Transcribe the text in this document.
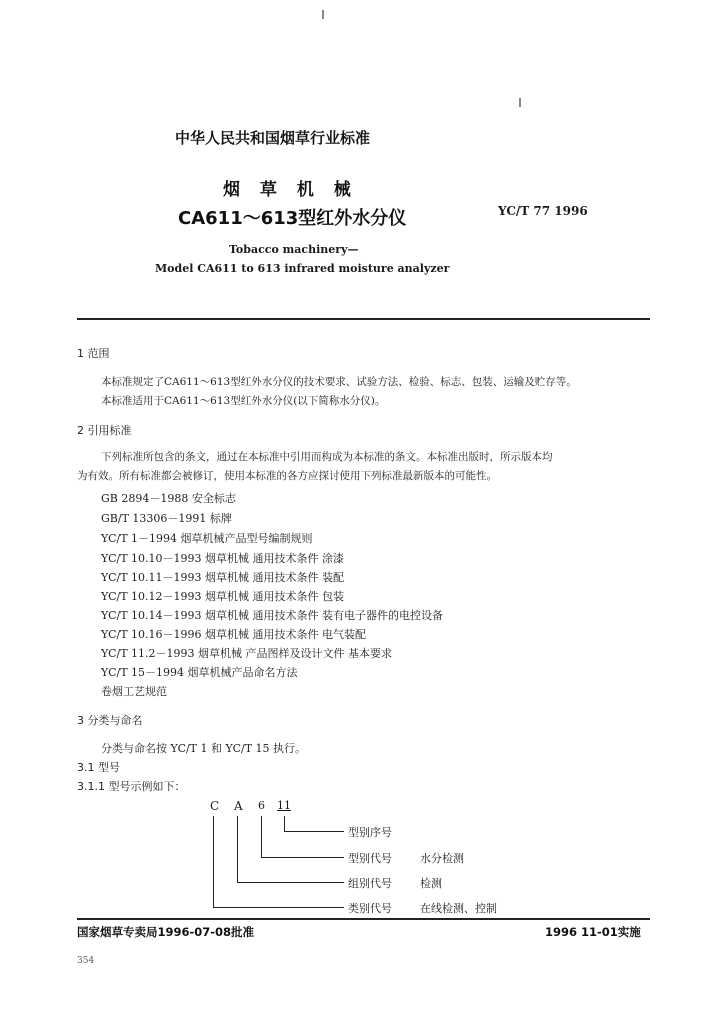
中华人民共和国烟草行业标准
烟 草 机 械
CA611～613型红外水分仪	YC/T 77 1996
Tobacco machinery—
Model CA611 to 613 infrared moisture analyzer
1 范围
本标准规定了CA611～613型红外水分仪的技术要求、试验方法、检验、标志、包装、运输及贮存等。
本标准适用于CA611～613型红外水分仪(以下简称水分仪)。
2 引用标准
下列标准所包含的条文，通过在本标准中引用而构成为本标准的条文。本标准出版时，所示版本均
为有效。所有标准都会被修订，使用本标准的各方应探讨使用下列标准最新版本的可能性。
GB 2894－1988 安全标志
GB/T 13306－1991 标牌
YC/T 1－1994 烟草机械产品型号编制规则
YC/T 10.10－1993 烟草机械 通用技术条件 涂漆
YC/T 10.11－1993 烟草机械 通用技术条件 装配
YC/T 10.12－1993 烟草机械 通用技术条件 包装
YC/T 10.14－1993 烟草机械 通用技术条件 装有电子器件的电控设备
YC/T 10.16－1996 烟草机械 通用技术条件 电气装配
YC/T 11.2－1993 烟草机械 产品图样及设计文件 基本要求
YC/T 15－1994 烟草机械产品命名方法
卷烟工艺规范
3 分类与命名
分类与命名按 YC/T 1 和 YC/T 15 执行。
3.1 型号
3.1.1 型号示例如下：
C A 6 11
型别序号
型别代号	水分检测
组别代号	检测
类别代号	在线检测、控制
国家烟草专卖局1996-07-08批准	1996 11-01实施
354
